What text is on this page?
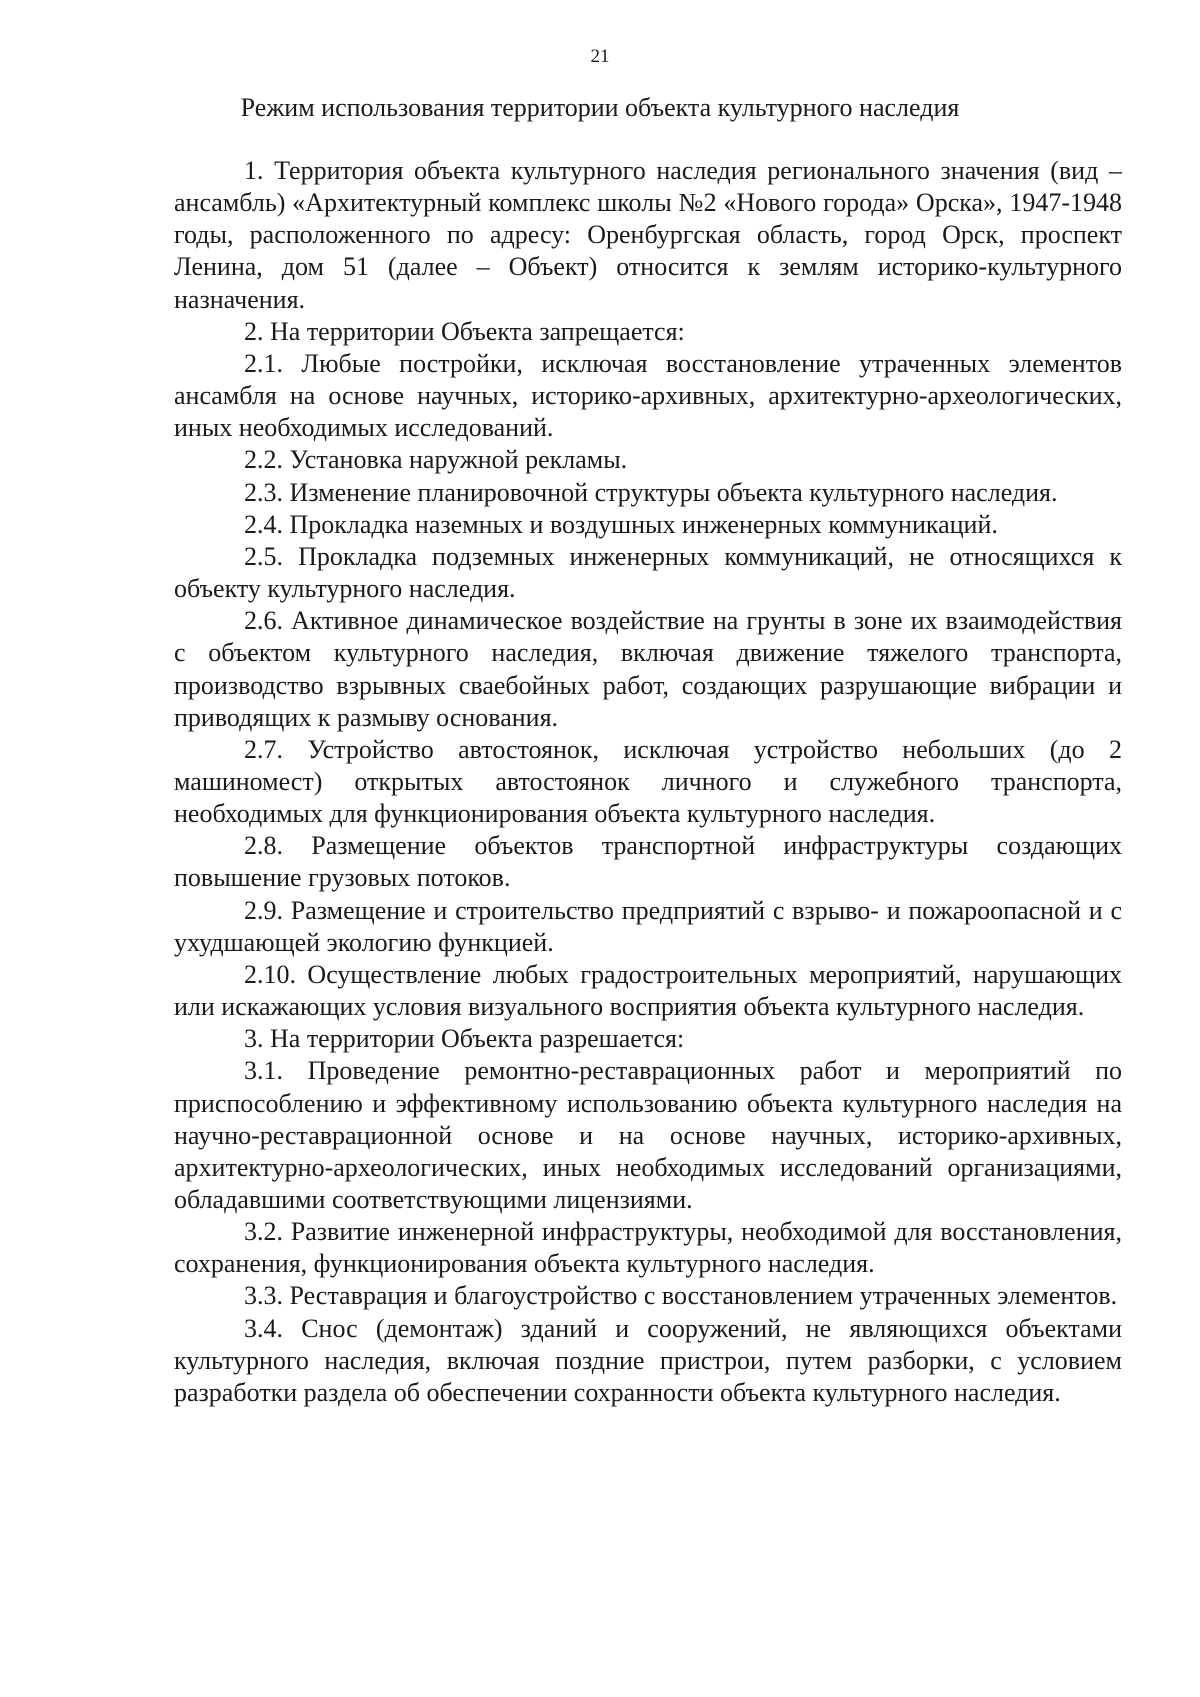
21
Режим использования территории объекта культурного наследия

1. Территория объекта культурного наследия регионального значения (вид – ансамбль) «Архитектурный комплекс школы №2 «Нового города» Орска», 1947-1948 годы, расположенного по адресу: Оренбургская область, город Орск, проспект Ленина, дом 51 (далее – Объект) относится к землям историко-культурного назначения.

2. На территории Объекта запрещается:

2.1. Любые постройки, исключая восстановление утраченных элементов ансамбля на основе научных, историко-архивных, архитектурно-археологических, иных необходимых исследований.

2.2. Установка наружной рекламы.

2.3. Изменение планировочной структуры объекта культурного наследия.

2.4. Прокладка наземных и воздушных инженерных коммуникаций.

2.5. Прокладка подземных инженерных коммуникаций, не относящихся к объекту культурного наследия.

2.6. Активное динамическое воздействие на грунты в зоне их взаимодействия с объектом культурного наследия, включая движение тяжелого транспорта, производство взрывных сваебойных работ, создающих разрушающие вибрации и приводящих к размыву основания.

2.7. Устройство автостоянок, исключая устройство небольших (до 2 машиномест) открытых автостоянок личного и служебного транспорта, необходимых для функционирования объекта культурного наследия.

2.8. Размещение объектов транспортной инфраструктуры создающих повышение грузовых потоков.

2.9. Размещение и строительство предприятий с взрыво- и пожароопасной и с ухудшающей экологию функцией.

2.10. Осуществление любых градостроительных мероприятий, нарушающих или искажающих условия визуального восприятия объекта культурного наследия.

3. На территории Объекта разрешается:

3.1. Проведение ремонтно-реставрационных работ и мероприятий по приспособлению и эффективному использованию объекта культурного наследия на научно-реставрационной основе и на основе научных, историко-архивных, архитектурно-археологических, иных необходимых исследований организациями, обладавшими соответствующими лицензиями.

3.2. Развитие инженерной инфраструктуры, необходимой для восстановления, сохранения, функционирования объекта культурного наследия.

3.3. Реставрация и благоустройство с восстановлением утраченных элементов.

3.4. Снос (демонтаж) зданий и сооружений, не являющихся объектами культурного наследия, включая поздние пристрои, путем разборки, с условием разработки раздела об обеспечении сохранности объекта культурного наследия.
